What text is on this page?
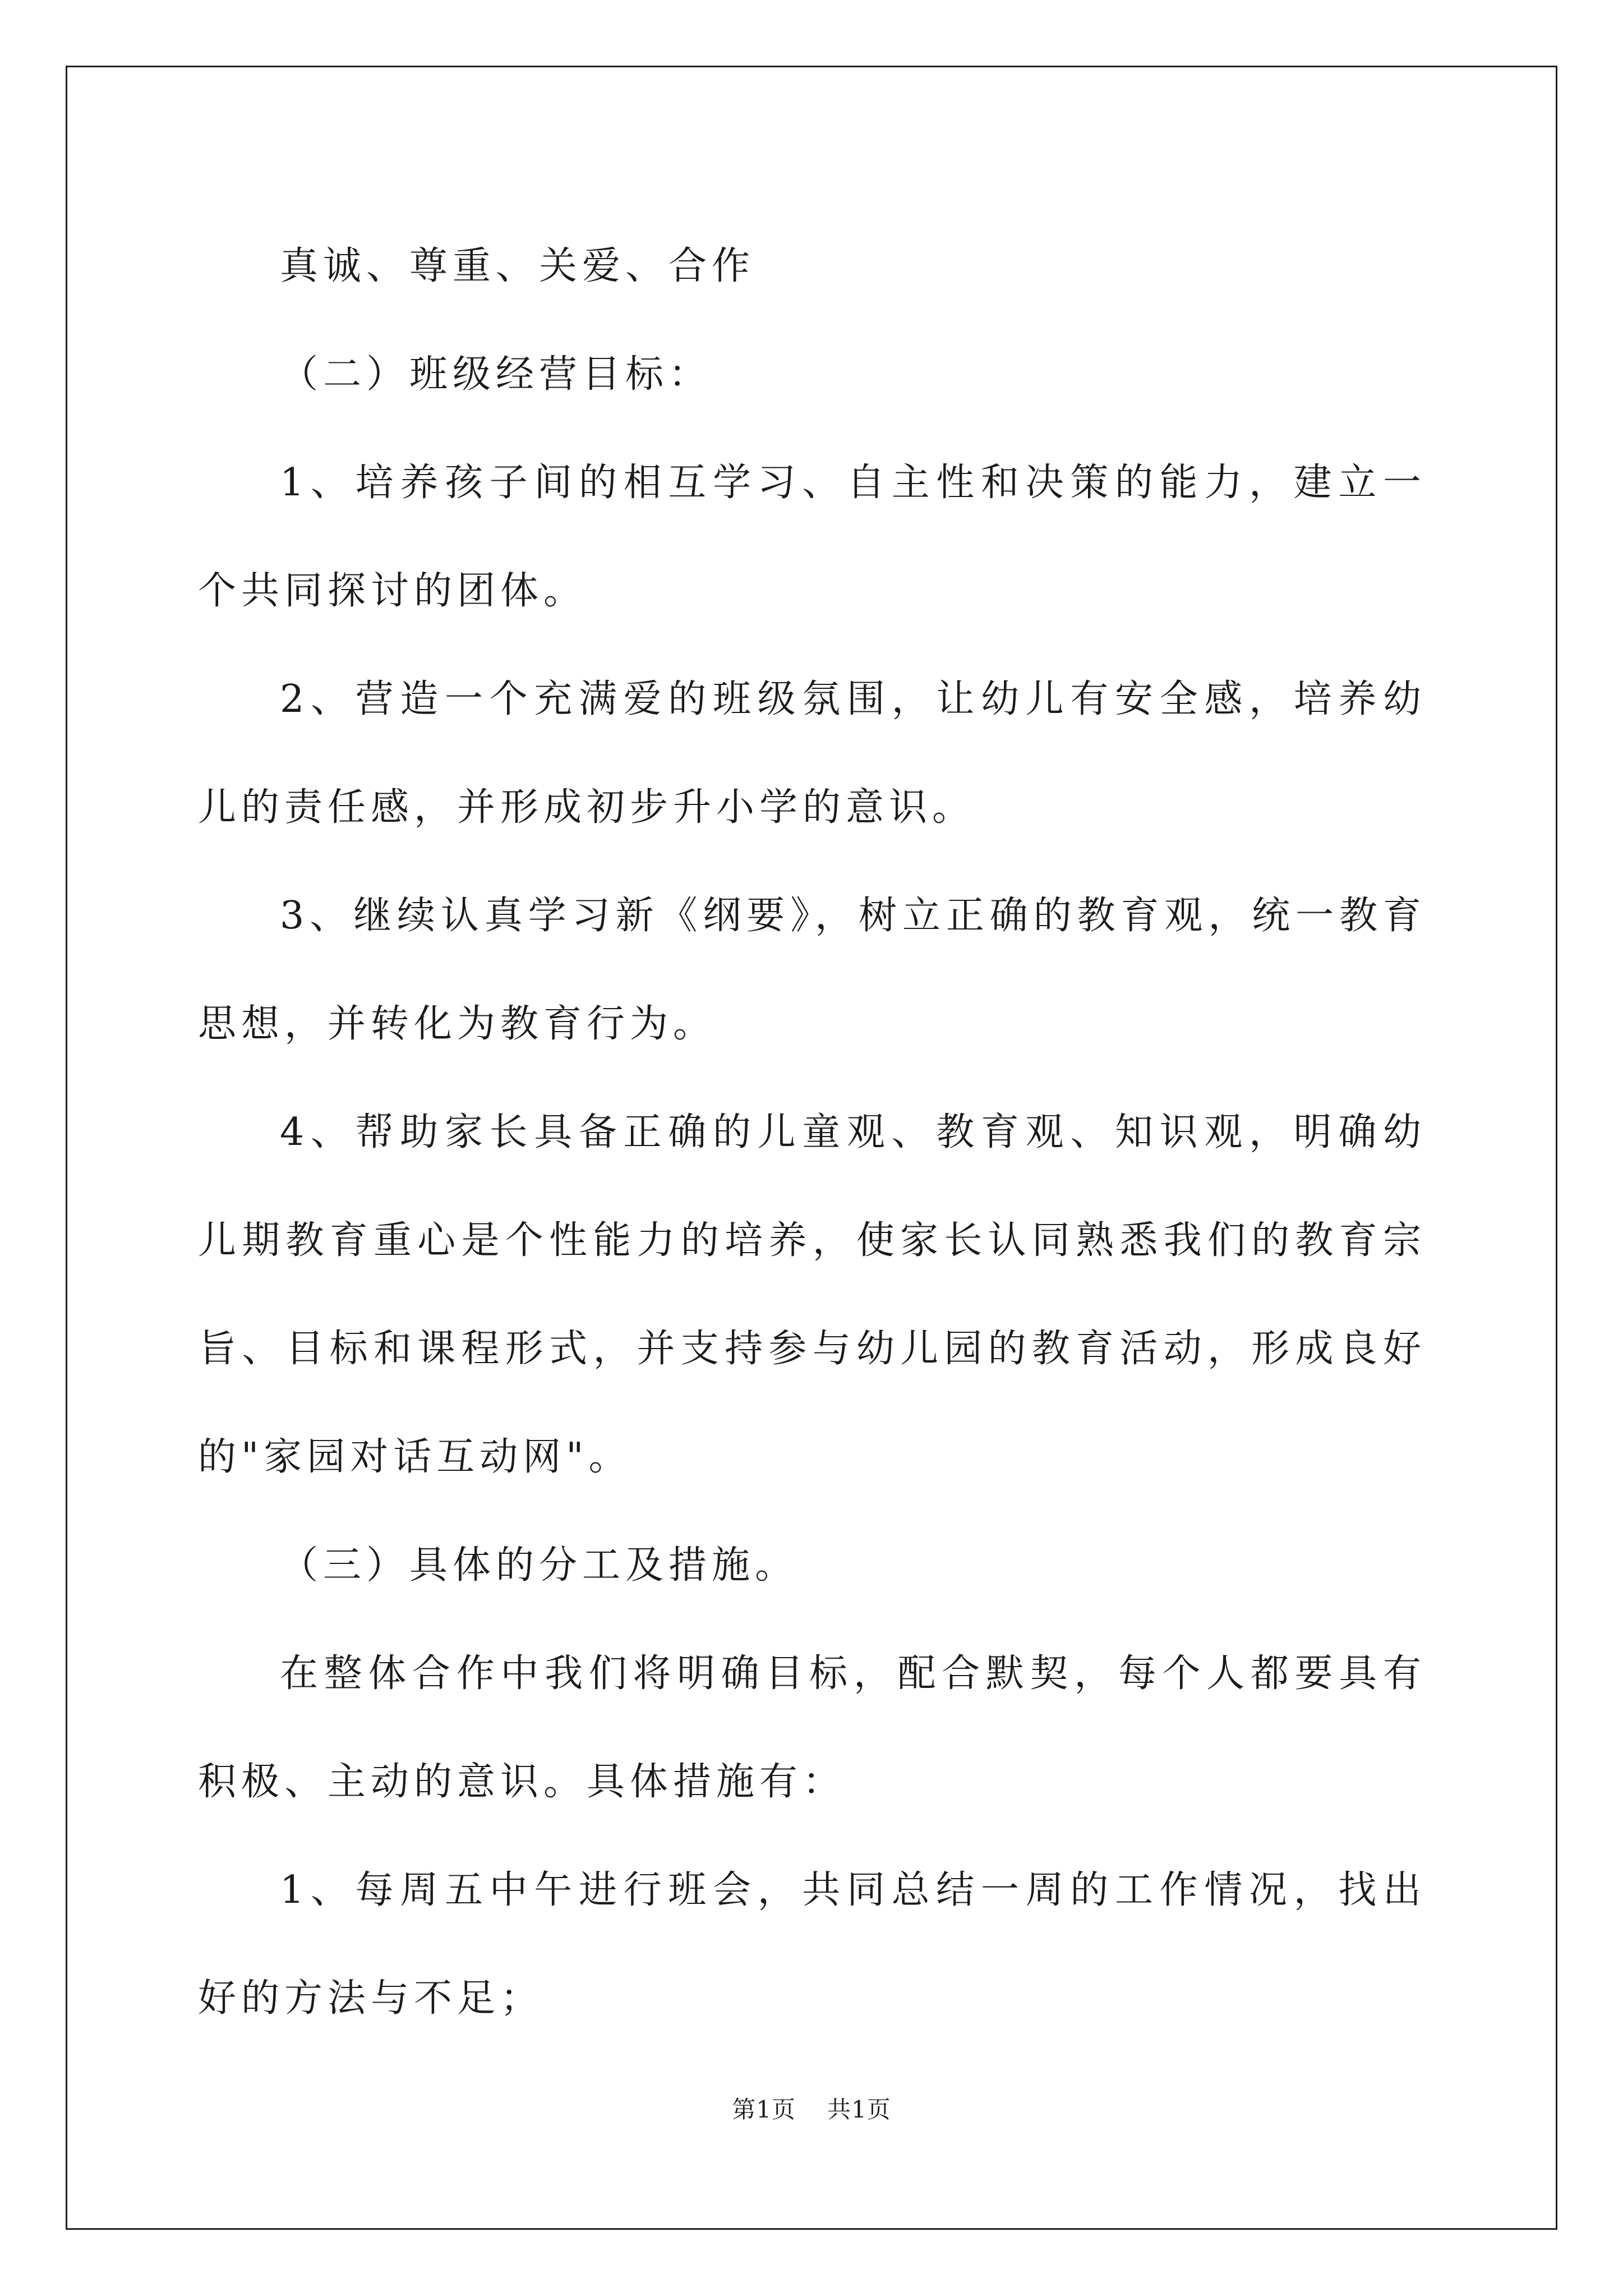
真诚、尊重、关爱、合作

（二）班级经营目标：

1、培养孩子间的相互学习、自主性和决策的能力，建立一个共同探讨的团体。

2、营造一个充满爱的班级氛围，让幼儿有安全感，培养幼儿的责任感，并形成初步升小学的意识。

3、继续认真学习新《纲要》，树立正确的教育观，统一教育思想，并转化为教育行为。

4、帮助家长具备正确的儿童观、教育观、知识观，明确幼儿期教育重心是个性能力的培养，使家长认同熟悉我们的教育宗旨、目标和课程形式，并支持参与幼儿园的教育活动，形成良好的"家园对话互动网"。

（三）具体的分工及措施。

在整体合作中我们将明确目标，配合默契，每个人都要具有积极、主动的意识。具体措施有：

1、每周五中午进行班会，共同总结一周的工作情况，找出好的方法与不足；

第1页 共1页
